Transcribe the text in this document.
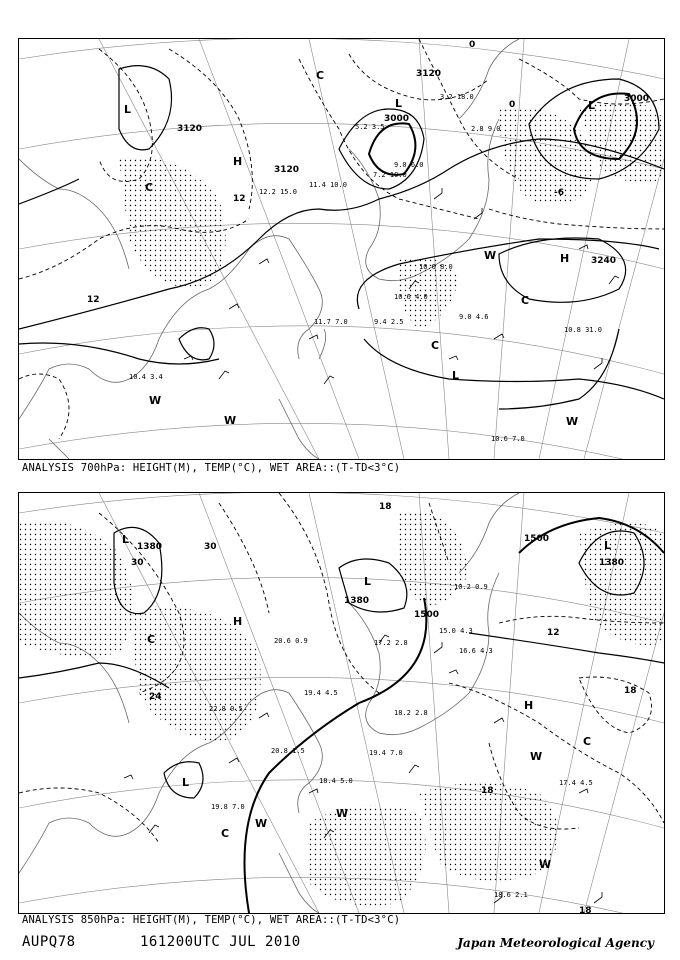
3000
3120
3000
3120
3240
3120
12
12
0
0
-6
L	L	L
L
H
H
C
C
C
C
W
W	W
W
10.8 31.0
10.6 7.0
10.4 3.4
9.4 2.5
11.7 7.0
10.6 4.0
9.0 4.6
12.2 15.0
11.4 10.0
10.0 8.0
7.2 10.0
9.0 6.0
2.8 9.0
3.2 18.0
5.2 3.5
ANALYSIS 700hPa: HEIGHT(M), TEMP(°C), WET AREA::(T-TD<3°C)
1380
1500
1500
1380
1380
30
30
24
18
18
18
12
18
L
L
L
L
H
H
C
C
C
W
W
W
W
18.6 2.1
17.4 4.5
18.4 5.0
19.4 7.0
19.8 7.0
20.8 1.5
18.2 2.8
16.6 4.3
15.0 4.3
10.2 0.9
17.2 2.8
20.6 0.9
19.4 4.5
22.8 0.5
ANALYSIS 850hPa: HEIGHT(M), TEMP(°C), WET AREA::(T-TD<3°C)
AUPQ78	161200UTC JUL 2010	Japan Meteorological Agency
